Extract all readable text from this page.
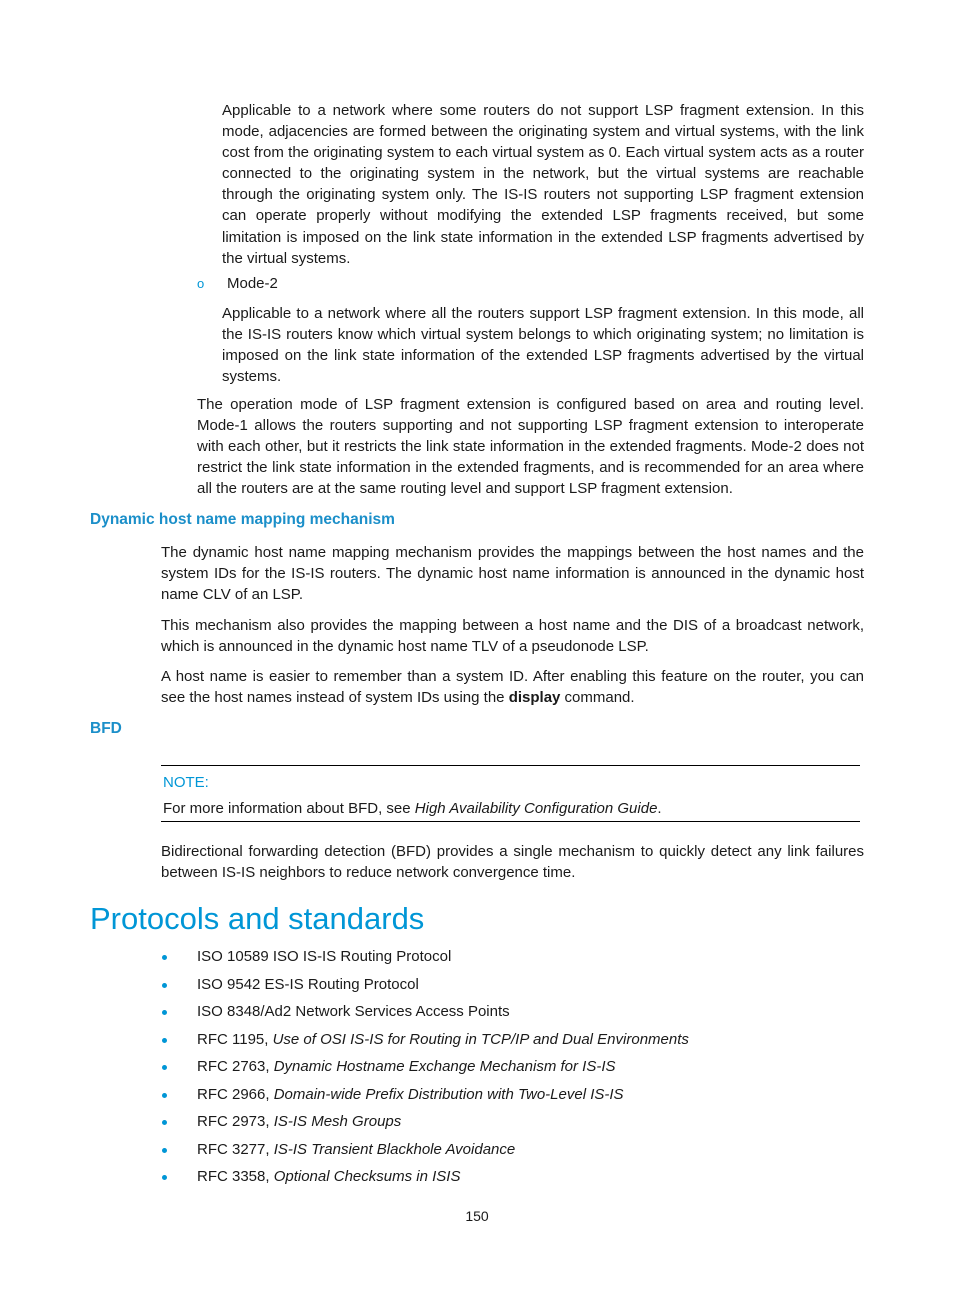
Applicable to a network where some routers do not support LSP fragment extension. In this mode, adjacencies are formed between the originating system and virtual systems, with the link cost from the originating system to each virtual system as 0. Each virtual system acts as a router connected to the originating system in the network, but the virtual systems are reachable through the originating system only. The IS-IS routers not supporting LSP fragment extension can operate properly without modifying the extended LSP fragments received, but some limitation is imposed on the link state information in the extended LSP fragments advertised by the virtual systems.

o Mode-2

Applicable to a network where all the routers support LSP fragment extension. In this mode, all the IS-IS routers know which virtual system belongs to which originating system; no limitation is imposed on the link state information of the extended LSP fragments advertised by the virtual systems.

The operation mode of LSP fragment extension is configured based on area and routing level. Mode-1 allows the routers supporting and not supporting LSP fragment extension to interoperate with each other, but it restricts the link state information in the extended fragments. Mode-2 does not restrict the link state information in the extended fragments, and is recommended for an area where all the routers are at the same routing level and support LSP fragment extension.

Dynamic host name mapping mechanism

The dynamic host name mapping mechanism provides the mappings between the host names and the system IDs for the IS-IS routers. The dynamic host name information is announced in the dynamic host name CLV of an LSP.

This mechanism also provides the mapping between a host name and the DIS of a broadcast network, which is announced in the dynamic host name TLV of a pseudonode LSP.

A host name is easier to remember than a system ID. After enabling this feature on the router, you can see the host names instead of system IDs using the display command.

BFD
NOTE:

For more information about BFD, see High Availability Configuration Guide.

Bidirectional forwarding detection (BFD) provides a single mechanism to quickly detect any link failures between IS-IS neighbors to reduce network convergence time.

Protocols and standards
ISO 10589 ISO IS-IS Routing Protocol
ISO 9542 ES-IS Routing Protocol
ISO 8348/Ad2 Network Services Access Points
RFC 1195, Use of OSI IS-IS for Routing in TCP/IP and Dual Environments
RFC 2763, Dynamic Hostname Exchange Mechanism for IS-IS
RFC 2966, Domain-wide Prefix Distribution with Two-Level IS-IS
RFC 2973, IS-IS Mesh Groups
RFC 3277, IS-IS Transient Blackhole Avoidance
RFC 3358, Optional Checksums in ISIS
150
